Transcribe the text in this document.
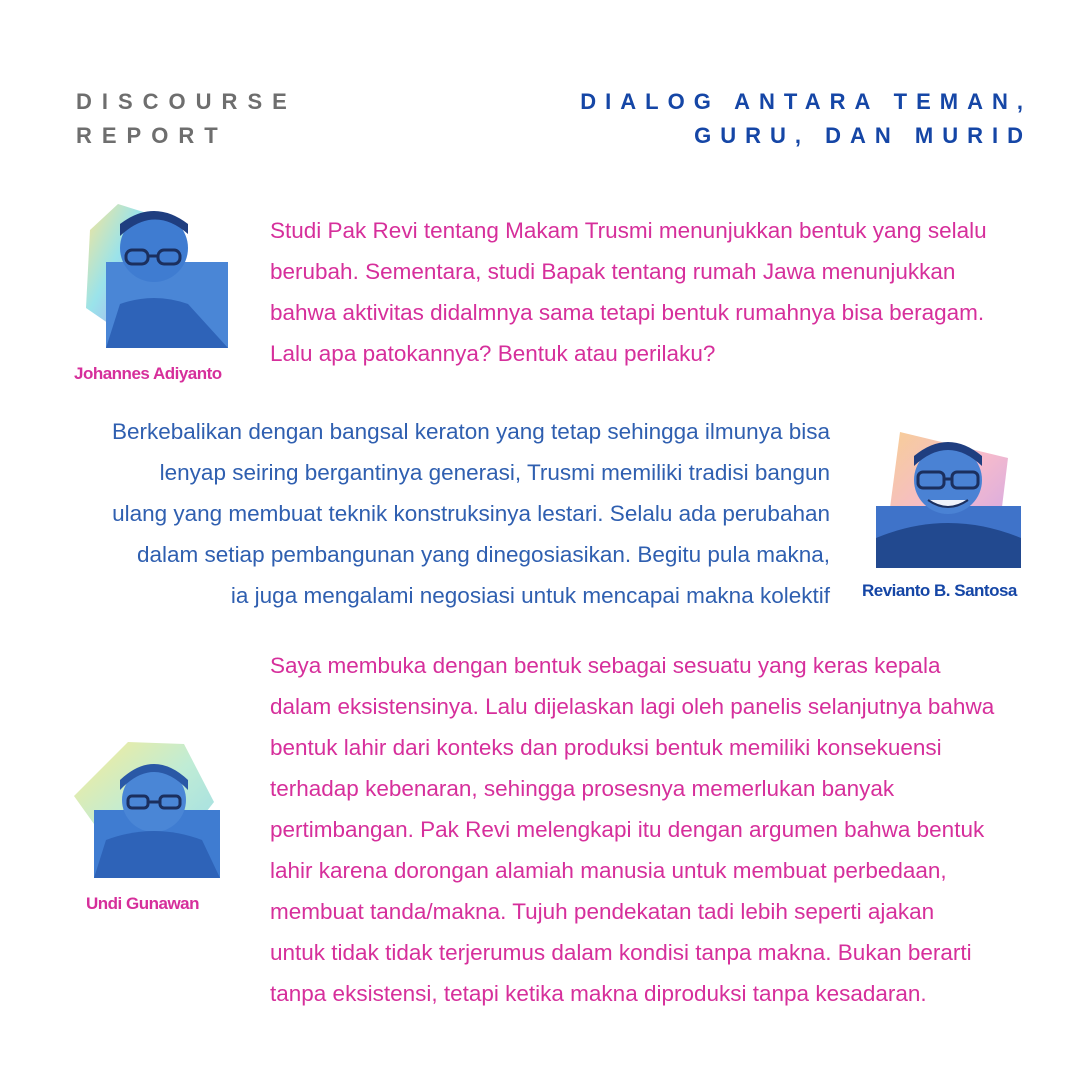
DISCOURSE
REPORT
DIALOG ANTARA TEMAN,
GURU, DAN MURID
Johannes Adiyanto
Studi Pak Revi tentang Makam Trusmi menunjukkan bentuk yang selalu
berubah. Sementara, studi Bapak tentang rumah Jawa menunjukkan
bahwa aktivitas didalmnya sama tetapi bentuk rumahnya bisa beragam.
Lalu apa patokannya? Bentuk atau perilaku?
Berkebalikan dengan bangsal keraton yang tetap sehingga ilmunya bisa
lenyap seiring bergantinya generasi, Trusmi memiliki tradisi bangun
ulang yang membuat teknik konstruksinya lestari. Selalu ada perubahan
dalam setiap pembangunan yang dinegosiasikan. Begitu pula makna,
ia juga mengalami negosiasi untuk mencapai makna kolektif Revianto B. Santosa
Undi Gunawan
Saya membuka dengan bentuk sebagai sesuatu yang keras kepala
dalam eksistensinya. Lalu dijelaskan lagi oleh panelis selanjutnya bahwa
bentuk lahir dari konteks dan produksi bentuk memiliki konsekuensi
terhadap kebenaran, sehingga prosesnya memerlukan banyak
pertimbangan. Pak Revi melengkapi itu dengan argumen bahwa bentuk
lahir karena dorongan alamiah manusia untuk membuat perbedaan,
membuat tanda/makna. Tujuh pendekatan tadi lebih seperti ajakan
untuk tidak tidak terjerumus dalam kondisi tanpa makna. Bukan berarti
tanpa eksistensi, tetapi ketika makna diproduksi tanpa kesadaran.
